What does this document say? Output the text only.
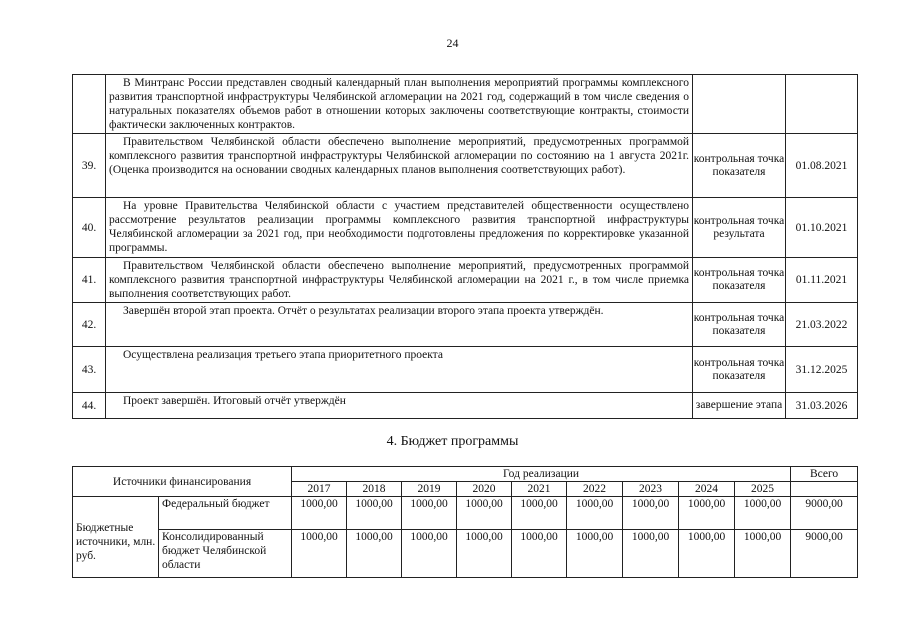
24
	В Минтранс России представлен сводный календарный план выполнения мероприятий программы комплексного развития транспортной инфраструктуры Челябинской агломерации на 2021 год, содержащий в том числе сведения о натуральных показателях объемов работ в отношении которых заключены соответствующие контракты, стоимости фактически заключенных контрактов.		
39.	Правительством Челябинской области обеспечено выполнение мероприятий, предусмотренных программой комплексного развития транспортной инфраструктуры Челябинской агломерации по состоянию на 1 августа 2021г. (Оценка производится на основании сводных календарных планов выполнения соответствующих работ).	контрольная точка показателя	01.08.2021
40.	На уровне Правительства Челябинской области с участием представителей общественности осуществлено рассмотрение результатов реализации программы комплексного развития транспортной инфраструктуры Челябинской агломерации за 2021 год, при необходимости подготовлены предложения по корректировке указанной программы.	контрольная точка результата	01.10.2021
41.	Правительством Челябинской области обеспечено выполнение мероприятий, предусмотренных программой комплексного развития транспортной инфраструктуры Челябинской агломерации на 2021 г., в том числе приемка выполнения соответствующих работ.	контрольная точка показателя	01.11.2021
42.	Завершён второй этап проекта. Отчёт о результатах реализации второго этапа проекта утверждён.	контрольная точка показателя	21.03.2022
43.	Осуществлена реализация третьего этапа приоритетного проекта	контрольная точка показателя	31.12.2025
44.	Проект завершён. Итоговый отчёт утверждён	завершение этапа	31.03.2026
4. Бюджет программы
Источники финансирования		Год реализации									Всего
		2017	2018	2019	2020	2021	2022	2023	2024	2025	
Бюджетные источники, млн. руб.	Федеральный бюджет	1000,00	1000,00	1000,00	1000,00	1000,00	1000,00	1000,00	1000,00	1000,00	9000,00
	Консолидированный бюджет Челябинской области	1000,00	1000,00	1000,00	1000,00	1000,00	1000,00	1000,00	1000,00	1000,00	9000,00
